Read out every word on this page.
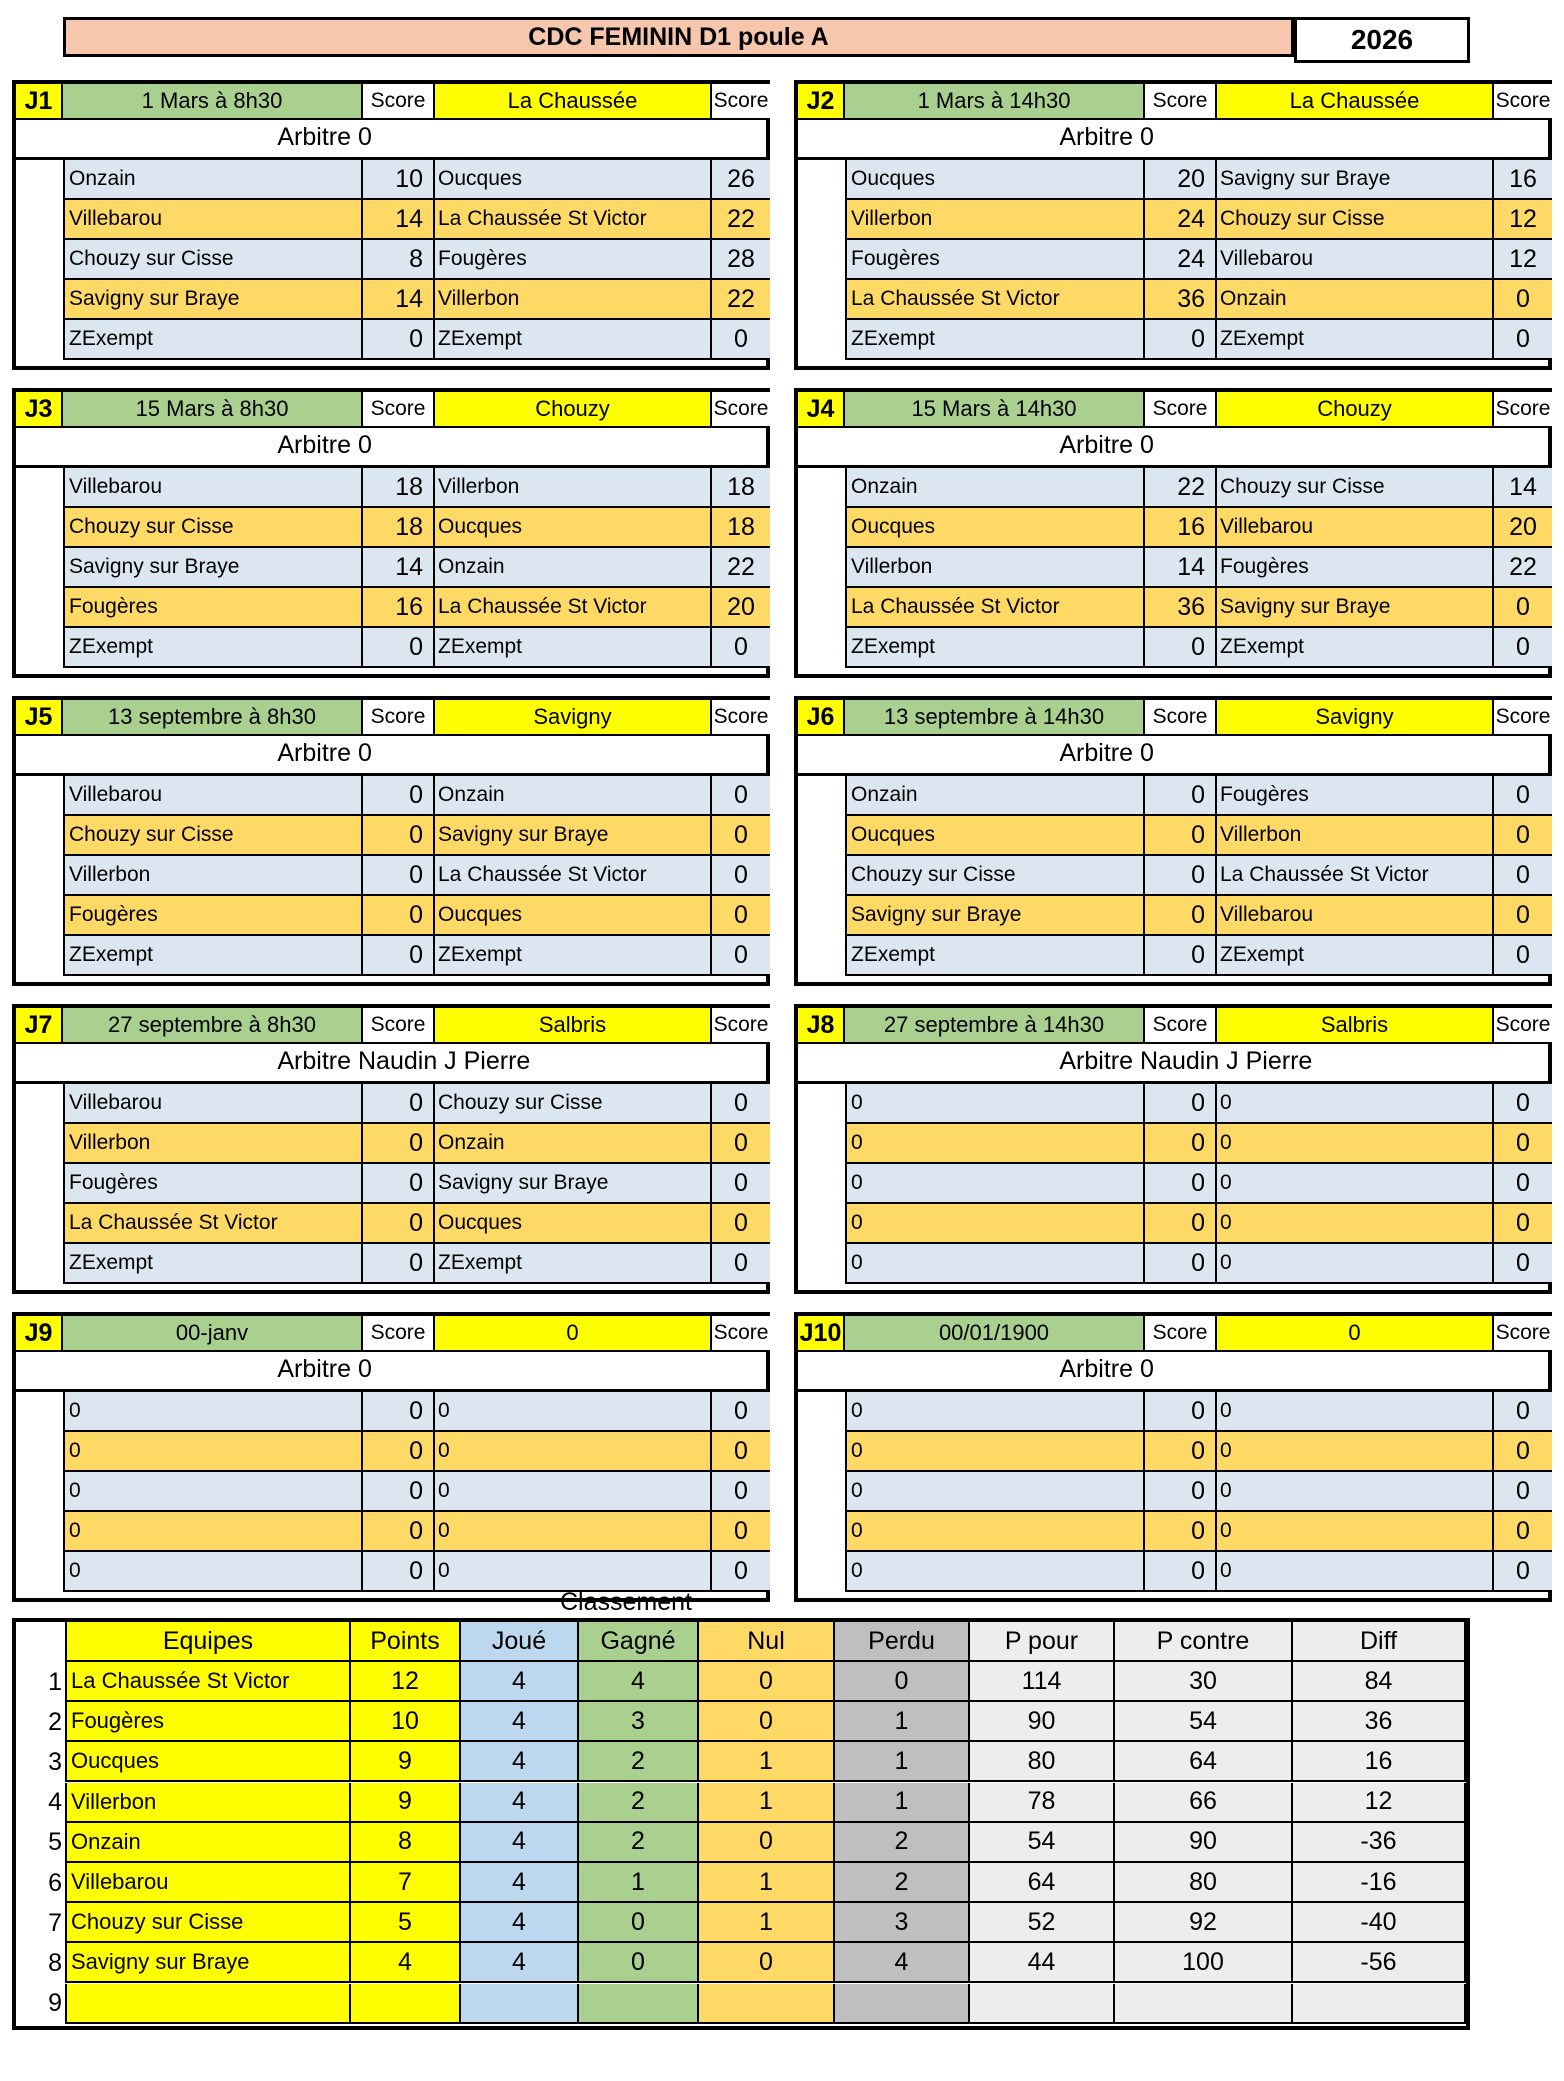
CDC FEMININ D1 poule A	2026
J1	1 Mars à 8h30	Score	La Chaussée	Score
Arbitre 0
Onzain	10 Oucques	26
Villebarou	14 La Chaussée St Victor	22
Chouzy sur Cisse	8 Fougères	28
Savigny sur Braye	14 Villerbon	22
ZExempt	0 ZExempt	0
J2	1 Mars à 14h30	Score	La Chaussée	Score
Arbitre 0
Oucques	20 Savigny sur Braye	16
Villerbon	24 Chouzy sur Cisse	12
Fougères	24 Villebarou	12
La Chaussée St Victor	36 Onzain	0
ZExempt	0 ZExempt	0
J3	15 Mars à 8h30	Score	Chouzy	Score
Arbitre 0
Villebarou	18 Villerbon	18
Chouzy sur Cisse	18 Oucques	18
Savigny sur Braye	14 Onzain	22
Fougères	16 La Chaussée St Victor	20
ZExempt	0 ZExempt	0
J4	15 Mars à 14h30	Score	Chouzy	Score
Arbitre 0
Onzain	22 Chouzy sur Cisse	14
Oucques	16 Villebarou	20
Villerbon	14 Fougères	22
La Chaussée St Victor	36 Savigny sur Braye	0
ZExempt	0 ZExempt	0
J5	13 septembre à 8h30	Score	Savigny	Score
Arbitre 0
Villebarou	0 Onzain	0
Chouzy sur Cisse	0 Savigny sur Braye	0
Villerbon	0 La Chaussée St Victor	0
Fougères	0 Oucques	0
ZExempt	0 ZExempt	0
J6	13 septembre à 14h30	Score	Savigny	Score
Arbitre 0
Onzain	0 Fougères	0
Oucques	0 Villerbon	0
Chouzy sur Cisse	0 La Chaussée St Victor	0
Savigny sur Braye	0 Villebarou	0
ZExempt	0 ZExempt	0
J7	27 septembre à 8h30	Score	Salbris	Score
Arbitre Naudin J Pierre
Villebarou	0 Chouzy sur Cisse	0
Villerbon	0 Onzain	0
Fougères	0 Savigny sur Braye	0
La Chaussée St Victor	0 Oucques	0
ZExempt	0 ZExempt	0
J8	27 septembre à 14h30	Score	Salbris	Score
Arbitre Naudin J Pierre
0	0 0	0
0	0 0	0
0	0 0	0
0	0 0	0
0	0 0	0
J9	00-janv	Score	0	Score
Arbitre 0
0	0 0	0
0	0 0	0
0	0 0	0
0	0 0	0
0	0 0	0
J10	00/01/1900	Score	0	Score
Arbitre 0
0	0 0	0
0	0 0	0
0	0 0	0
0	0 0	0
0	0 0	0
Classement
Equipes	Points	Joué	Gagné	Nul	Perdu	P pour	P contre	Diff
1 La Chaussée St Victor	12	4	4	0	0	114	30	84
2 Fougères	10	4	3	0	1	90	54	36
3 Oucques	9	4	2	1	1	80	64	16
4 Villerbon	9	4	2	1	1	78	66	12
5 Onzain	8	4	2	0	2	54	90	-36
6 Villebarou	7	4	1	1	2	64	80	-16
7 Chouzy sur Cisse	5	4	0	1	3	52	92	-40
8 Savigny sur Braye	4	4	0	0	4	44	100	-56
9
